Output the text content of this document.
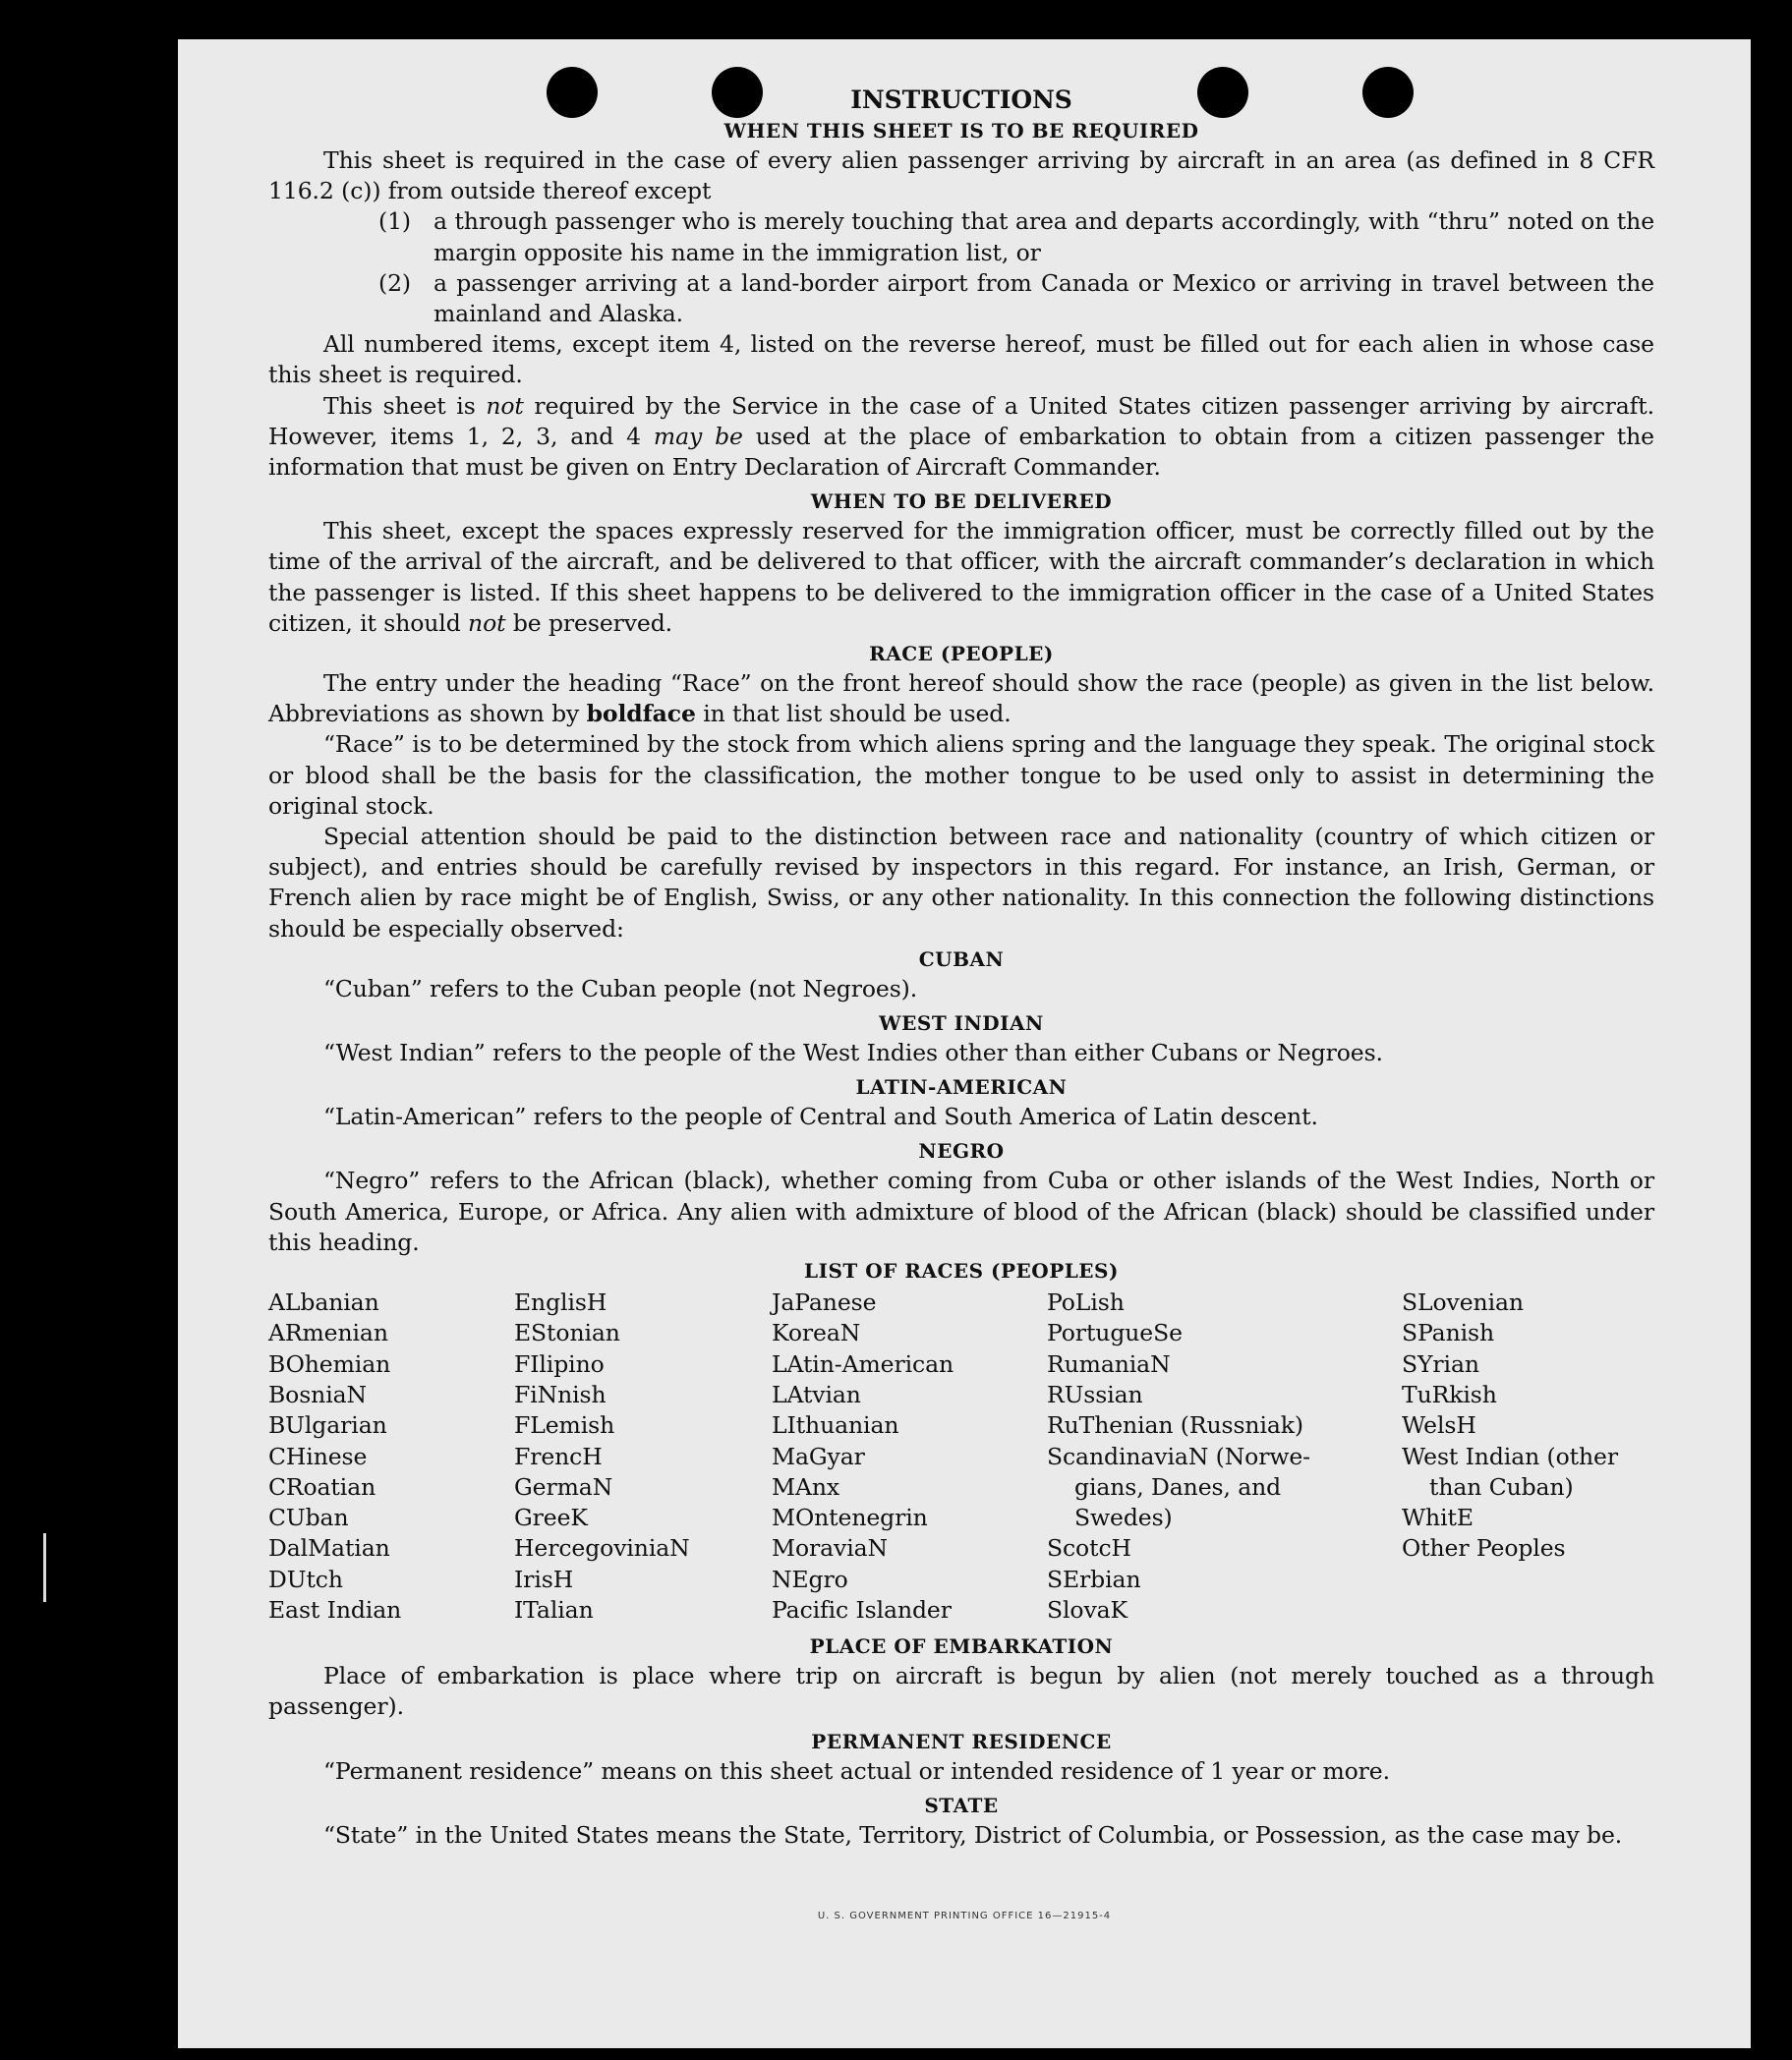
INSTRUCTIONS
WHEN THIS SHEET IS TO BE REQUIRED

This sheet is required in the case of every alien passenger arriving by aircraft in an area (as defined in 8 CFR 116.2 (c)) from outside thereof except

(1) a through passenger who is merely touching that area and departs accordingly, with “thru” noted on the margin opposite his name in the immigration list, or
(2) a passenger arriving at a land-border airport from Canada or Mexico or arriving in travel between the mainland and Alaska.

All numbered items, except item 4, listed on the reverse hereof, must be filled out for each alien in whose case this sheet is required.

This sheet is not required by the Service in the case of a United States citizen passenger arriving by aircraft. However, items 1, 2, 3, and 4 may be used at the place of embarkation to obtain from a citizen passenger the information that must be given on Entry Declaration of Aircraft Commander.

WHEN TO BE DELIVERED

This sheet, except the spaces expressly reserved for the immigration officer, must be correctly filled out by the time of the arrival of the aircraft, and be delivered to that officer, with the aircraft commander’s declaration in which the passenger is listed. If this sheet happens to be delivered to the immigration officer in the case of a United States citizen, it should not be preserved.

RACE (PEOPLE)

The entry under the heading “Race” on the front hereof should show the race (people) as given in the list below. Abbreviations as shown by boldface in that list should be used.

“Race” is to be determined by the stock from which aliens spring and the language they speak. The original stock or blood shall be the basis for the classification, the mother tongue to be used only to assist in determining the original stock.

Special attention should be paid to the distinction between race and nationality (country of which citizen or subject), and entries should be carefully revised by inspectors in this regard. For instance, an Irish, German, or French alien by race might be of English, Swiss, or any other nationality. In this connection the following distinctions should be especially observed:

CUBAN

“Cuban” refers to the Cuban people (not Negroes).

WEST INDIAN

“West Indian” refers to the people of the West Indies other than either Cubans or Negroes.

LATIN-AMERICAN

“Latin-American” refers to the people of Central and South America of Latin descent.

NEGRO

“Negro” refers to the African (black), whether coming from Cuba or other islands of the West Indies, North or South America, Europe, or Africa. Any alien with admixture of blood of the African (black) should be classified under this heading.

LIST OF RACES (PEOPLES)
ALbanian
ARmenian
BOhemian
BosniaN
BUlgarian
CHinese
CRoatian
CUban
DalMatian
DUtch
East Indian
EnglisH
EStonian
FIlipino
FiNnish
FLemish
FrencH
GermaN
GreeK
HercegoviniaN
IrisH
ITalian
JaPanese
KoreaN
LAtin-American
LAtvian
LIthuanian
MaGyar
MAnx
MOntenegrin
MoraviaN
NEgro
Pacific Islander
PoLish
PortugueSe
RumaniaN
RUssian
RuThenian (Russniak)
ScandinaviaN (Norwe-
gians, Danes, and
Swedes)
ScotcH
SErbian
SlovaK
SLovenian
SPanish
SYrian
TuRkish
WelsH
West Indian (other
than Cuban)
WhitE
Other Peoples
PLACE OF EMBARKATION

Place of embarkation is place where trip on aircraft is begun by alien (not merely touched as a through passenger).

PERMANENT RESIDENCE

“Permanent residence” means on this sheet actual or intended residence of 1 year or more.

STATE

“State” in the United States means the State, Territory, District of Columbia, or Possession, as the case may be.

U. S. GOVERNMENT PRINTING OFFICE 16—21915-4
